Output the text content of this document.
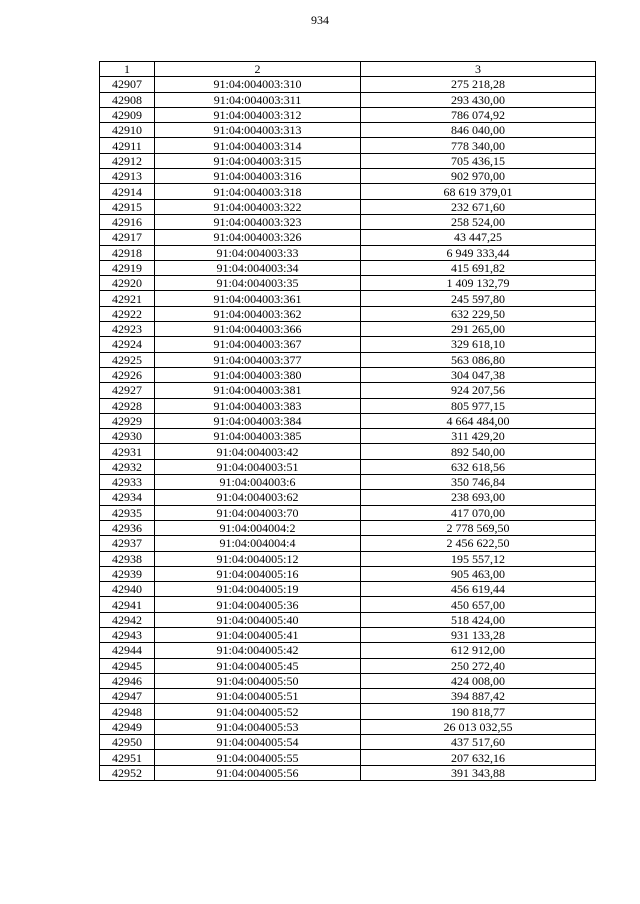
934
1	2	3
42907	91:04:004003:310	275 218,28
42908	91:04:004003:311	293 430,00
42909	91:04:004003:312	786 074,92
42910	91:04:004003:313	846 040,00
42911	91:04:004003:314	778 340,00
42912	91:04:004003:315	705 436,15
42913	91:04:004003:316	902 970,00
42914	91:04:004003:318	68 619 379,01
42915	91:04:004003:322	232 671,60
42916	91:04:004003:323	258 524,00
42917	91:04:004003:326	43 447,25
42918	91:04:004003:33	6 949 333,44
42919	91:04:004003:34	415 691,82
42920	91:04:004003:35	1 409 132,79
42921	91:04:004003:361	245 597,80
42922	91:04:004003:362	632 229,50
42923	91:04:004003:366	291 265,00
42924	91:04:004003:367	329 618,10
42925	91:04:004003:377	563 086,80
42926	91:04:004003:380	304 047,38
42927	91:04:004003:381	924 207,56
42928	91:04:004003:383	805 977,15
42929	91:04:004003:384	4 664 484,00
42930	91:04:004003:385	311 429,20
42931	91:04:004003:42	892 540,00
42932	91:04:004003:51	632 618,56
42933	91:04:004003:6	350 746,84
42934	91:04:004003:62	238 693,00
42935	91:04:004003:70	417 070,00
42936	91:04:004004:2	2 778 569,50
42937	91:04:004004:4	2 456 622,50
42938	91:04:004005:12	195 557,12
42939	91:04:004005:16	905 463,00
42940	91:04:004005:19	456 619,44
42941	91:04:004005:36	450 657,00
42942	91:04:004005:40	518 424,00
42943	91:04:004005:41	931 133,28
42944	91:04:004005:42	612 912,00
42945	91:04:004005:45	250 272,40
42946	91:04:004005:50	424 008,00
42947	91:04:004005:51	394 887,42
42948	91:04:004005:52	190 818,77
42949	91:04:004005:53	26 013 032,55
42950	91:04:004005:54	437 517,60
42951	91:04:004005:55	207 632,16
42952	91:04:004005:56	391 343,88
